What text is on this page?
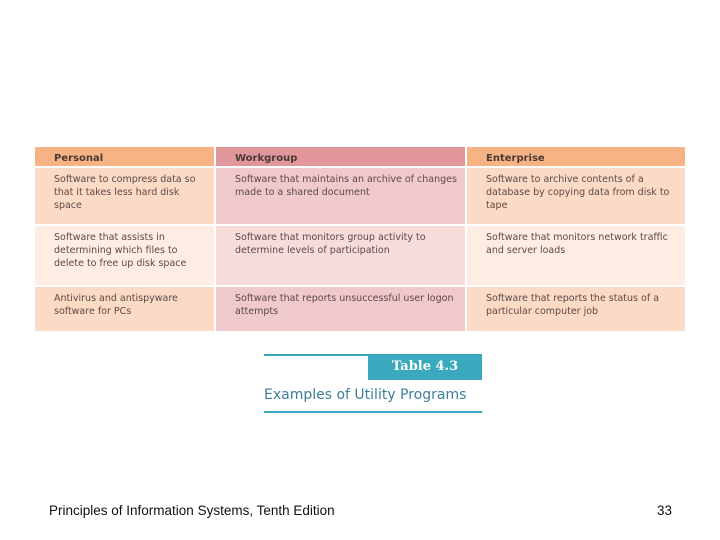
Personal	Workgroup	Enterprise
Software to compress data so that it takes less hard disk space	Software that maintains an archive of changes made to a shared document	Software to archive contents of a database by copying data from disk to tape
Software that assists in determining which files to delete to free up disk space	Software that monitors group activity to determine levels of participation	Software that monitors network traffic and server loads
Antivirus and antispyware software for PCs	Software that reports unsuccessful user logon attempts	Software that reports the status of a particular computer job
Table 4.3
Examples of Utility Programs
Principles of Information Systems, Tenth Edition	33
